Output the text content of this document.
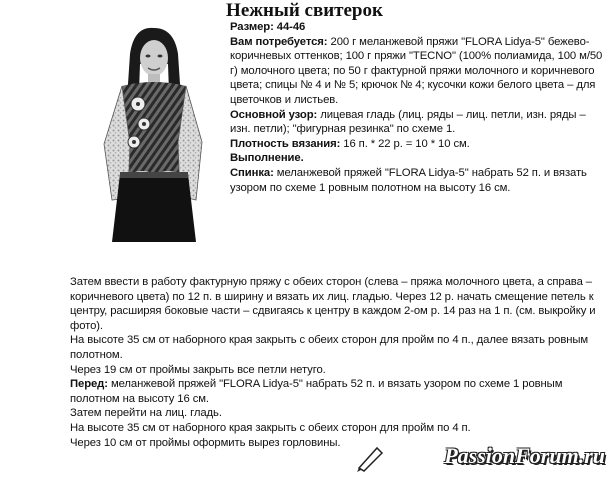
Нежный свитерок

Размер: 44-46

Вам потребуется: 200 г меланжевой пряжи "FLORA Lidya-5" бежево-коричневых оттенков; 100 г пряжи "TECNO" (100% полиамида, 100 м/50 г) молочного цвета; по 50 г фактурной пряжи молочного и коричневого цвета; спицы № 4 и № 5; крючок № 4; кусочки кожи белого цвета – для цветочков и листьев.

Основной узор: лицевая гладь (лиц. ряды – лиц. петли, изн. ряды – изн. петли); "фигурная резинка" по схеме 1.

Плотность вязания: 16 п. * 22 р. = 10 * 10 см.

Выполнение.

Спинка: меланжевой пряжей "FLORA Lidya-5" набрать 52 п. и вязать узором по схеме 1 ровным полотном на высоту 16 см.

Затем ввести в работу фактурную пряжу с обеих сторон (слева – пряжа молочного цвета, а справа – коричневого цвета) по 12 п. в ширину и вязать их лиц. гладью. Через 12 р. начать смещение петель к центру, расширяя боковые части – сдвигаясь к центру в каждом 2-ом р. 14 раз на 1 п. (см. выкройку и фото).

На высоте 35 см от наборного края закрыть с обеих сторон для пройм по 4 п., далее вязать ровным полотном.

Через 19 см от проймы закрыть все петли нетуго.

Перед: меланжевой пряжей "FLORA Lidya-5" набрать 52 п. и вязать узором по схеме 1 ровным полотном на высоту 16 см.

Затем перейти на лиц. гладь.

На высоте 35 см от наборного края закрыть с обеих сторон для пройм по 4 п.

Через 10 см от проймы оформить вырез горловины.

PassionForum.ru
